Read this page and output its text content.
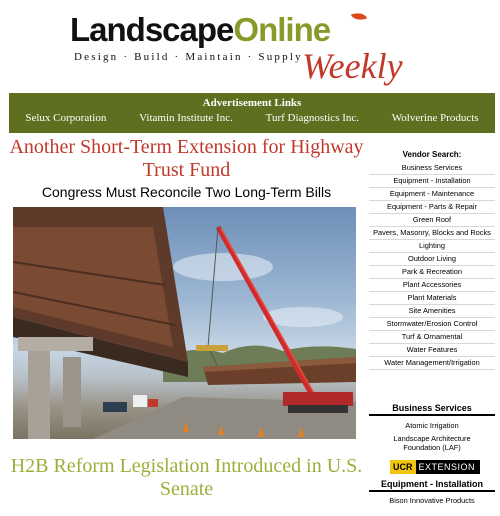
LandscapeOnline
Design · Build · Maintain · Supply Weekly
Advertisement Links
Selux Corporation	Vitamin Institute Inc.	Turf Diagnostics Inc.	Wolverine Products
Another Short-Term Extension for Highway Trust Fund
Congress Must Reconcile Two Long-Term Bills
H2B Reform Legislation Introduced in U.S. Senate
Vendor Search:
Business Services
Equipment - Installation
Equipment - Maintenance
Equipment - Parts & Repair
Green Roof
Pavers, Masonry, Blocks and Rocks
Lighting
Outdoor Living
Park & Recreation
Plant Accessories
Plant Materials
Site Amenities
Stormwater/Erosion Control
Turf & Ornamental
Water Features
Water Management/Irrigation
Business Services
Atomic Irrigation
Landscape Architecture Foundation (LAF)
UCR EXTENSION
Equipment - Installation
Bison Innovative Products
